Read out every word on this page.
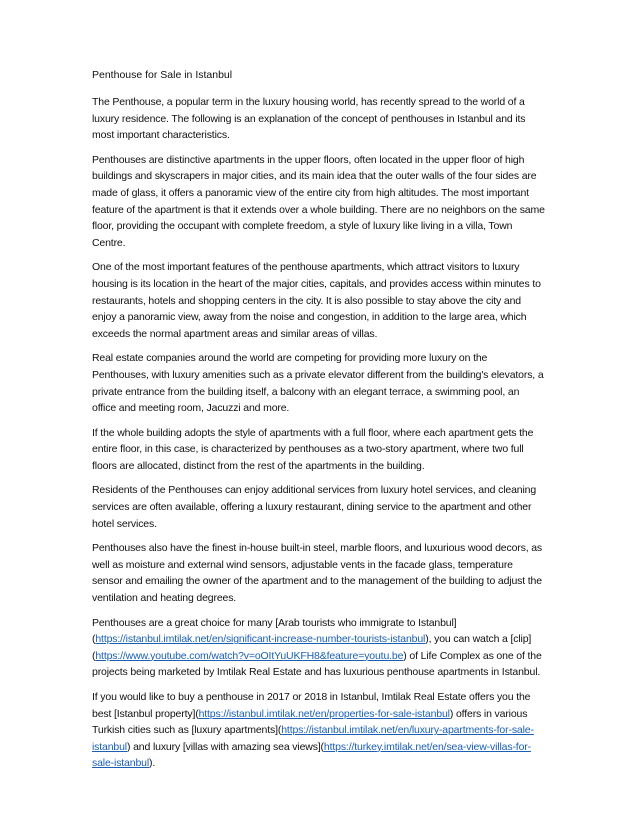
Penthouse for Sale in Istanbul

The Penthouse, a popular term in the luxury housing world, has recently spread to the world of a luxury residence. The following is an explanation of the concept of penthouses in Istanbul and its most important characteristics.

Penthouses are distinctive apartments in the upper floors, often located in the upper floor of high buildings and skyscrapers in major cities, and its main idea that the outer walls of the four sides are made of glass, it offers a panoramic view of the entire city from high altitudes. The most important feature of the apartment is that it extends over a whole building. There are no neighbors on the same floor, providing the occupant with complete freedom, a style of luxury like living in a villa, Town Centre.

One of the most important features of the penthouse apartments, which attract visitors to luxury housing is its location in the heart of the major cities, capitals, and provides access within minutes to restaurants, hotels and shopping centers in the city. It is also possible to stay above the city and enjoy a panoramic view, away from the noise and congestion, in addition to the large area, which exceeds the normal apartment areas and similar areas of villas.

Real estate companies around the world are competing for providing more luxury on the Penthouses, with luxury amenities such as a private elevator different from the building's elevators, a private entrance from the building itself, a balcony with an elegant terrace, a swimming pool, an office and meeting room, Jacuzzi and more.

If the whole building adopts the style of apartments with a full floor, where each apartment gets the entire floor, in this case, is characterized by penthouses as a two-story apartment, where two full floors are allocated, distinct from the rest of the apartments in the building.

Residents of the Penthouses can enjoy additional services from luxury hotel services, and cleaning services are often available, offering a luxury restaurant, dining service to the apartment and other hotel services.

Penthouses also have the finest in-house built-in steel, marble floors, and luxurious wood decors, as well as moisture and external wind sensors, adjustable vents in the facade glass, temperature sensor and emailing the owner of the apartment and to the management of the building to adjust the ventilation and heating degrees.

Penthouses are a great choice for many [Arab tourists who immigrate to Istanbul](https://istanbul.imtilak.net/en/significant-increase-number-tourists-istanbul), you can watch a [clip](https://www.youtube.com/watch?v=oOItYuUKFH8&feature=youtu.be) of Life Complex as one of the projects being marketed by Imtilak Real Estate and has luxurious penthouse apartments in Istanbul.

If you would like to buy a penthouse in 2017 or 2018 in Istanbul, Imtilak Real Estate offers you the best [Istanbul property](https://istanbul.imtilak.net/en/properties-for-sale-istanbul) offers in various Turkish cities such as [luxury apartments](https://istanbul.imtilak.net/en/luxury-apartments-for-sale-istanbul) and luxury [villas with amazing sea views](https://turkey.imtilak.net/en/sea-view-villas-for-sale-istanbul).
